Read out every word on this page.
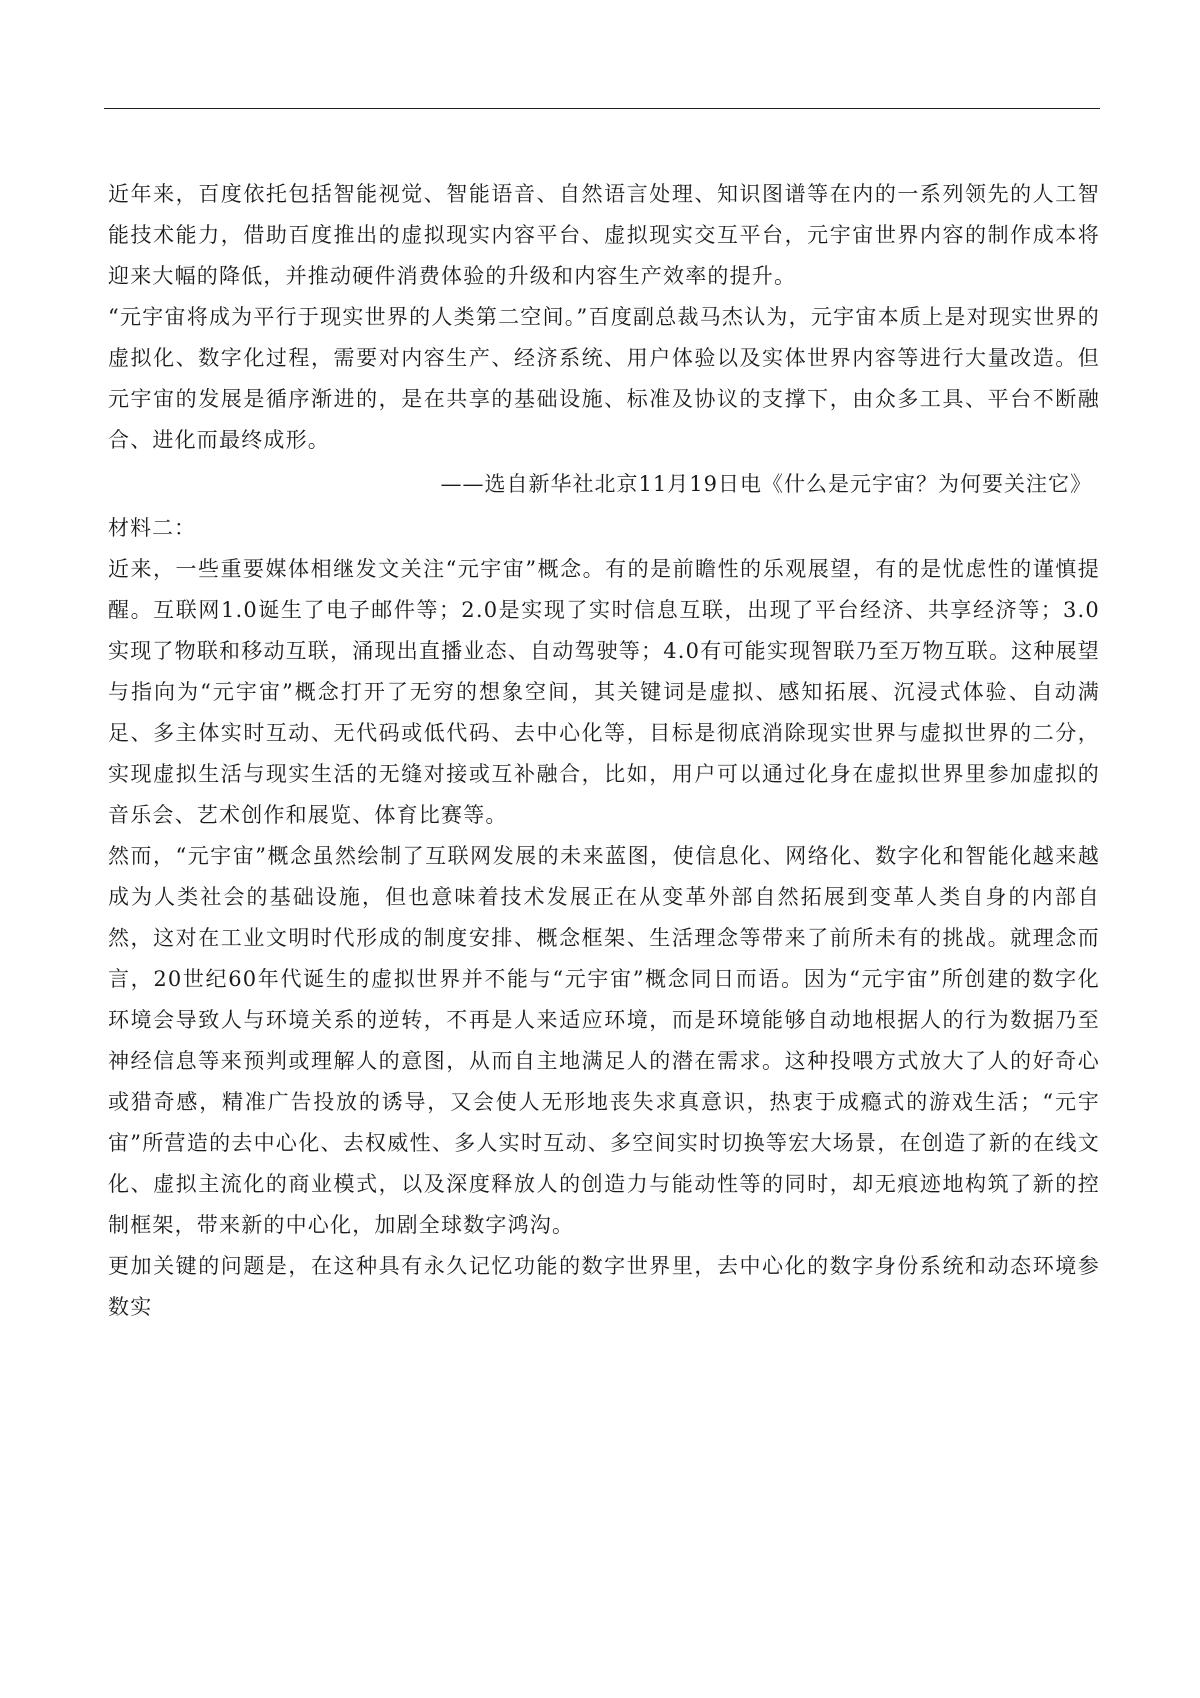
近年来，百度依托包括智能视觉、智能语音、自然语言处理、知识图谱等在内的一系列领先的人工智能技术能力，借助百度推出的虚拟现实内容平台、虚拟现实交互平台，元宇宙世界内容的制作成本将迎来大幅的降低，并推动硬件消费体验的升级和内容生产效率的提升。

“元宇宙将成为平行于现实世界的人类第二空间。”百度副总裁马杰认为，元宇宙本质上是对现实世界的虚拟化、数字化过程，需要对内容生产、经济系统、用户体验以及实体世界内容等进行大量改造。但元宇宙的发展是循序渐进的，是在共享的基础设施、标准及协议的支撑下，由众多工具、平台不断融合、进化而最终成形。

——选自新华社北京11月19日电《什么是元宇宙？为何要关注它》

材料二：

近来，一些重要媒体相继发文关注“元宇宙”概念。有的是前瞻性的乐观展望，有的是忧虑性的谨慎提醒。互联网1.0诞生了电子邮件等；2.0是实现了实时信息互联，出现了平台经济、共享经济等；3.0实现了物联和移动互联，涌现出直播业态、自动驾驶等；4.0有可能实现智联乃至万物互联。这种展望与指向为“元宇宙”概念打开了无穷的想象空间，其关键词是虚拟、感知拓展、沉浸式体验、自动满足、多主体实时互动、无代码或低代码、去中心化等，目标是彻底消除现实世界与虚拟世界的二分，实现虚拟生活与现实生活的无缝对接或互补融合，比如，用户可以通过化身在虚拟世界里参加虚拟的音乐会、艺术创作和展览、体育比赛等。

然而，“元宇宙”概念虽然绘制了互联网发展的未来蓝图，使信息化、网络化、数字化和智能化越来越成为人类社会的基础设施，但也意味着技术发展正在从变革外部自然拓展到变革人类自身的内部自然，这对在工业文明时代形成的制度安排、概念框架、生活理念等带来了前所未有的挑战。就理念而言，20世纪60年代诞生的虚拟世界并不能与“元宇宙”概念同日而语。因为“元宇宙”所创建的数字化环境会导致人与环境关系的逆转，不再是人来适应环境，而是环境能够自动地根据人的行为数据乃至神经信息等来预判或理解人的意图，从而自主地满足人的潜在需求。这种投喂方式放大了人的好奇心或猎奇感，精准广告投放的诱导，又会使人无形地丧失求真意识，热衷于成瘾式的游戏生活；“元宇宙”所营造的去中心化、去权威性、多人实时互动、多空间实时切换等宏大场景，在创造了新的在线文化、虚拟主流化的商业模式，以及深度释放人的创造力与能动性等的同时，却无痕迹地构筑了新的控制框架，带来新的中心化，加剧全球数字鸿沟。

更加关键的问题是，在这种具有永久记忆功能的数字世界里，去中心化的数字身份系统和动态环境参数实
